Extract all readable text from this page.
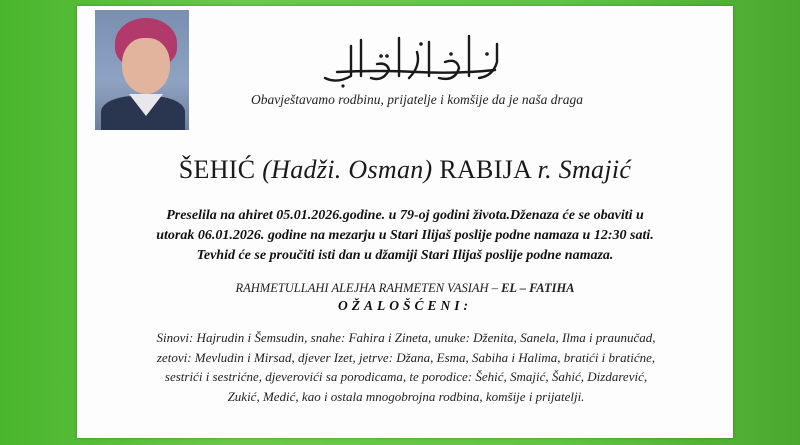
Obavještavamo rodbinu, prijatelje i komšije da je naša draga
ŠEHIĆ (Hadži. Osman) RABIJA r. Smajić
Preselila na ahiret 05.01.2026.godine. u 79-oj godini života.Dženaza će se obaviti u
utorak 06.01.2026. godine na mezarju u Stari Ilijaš poslije podne namaza u 12:30 sati.
Tevhid će se proučiti isti dan u džamiji Stari Ilijaš poslije podne namaza.
RAHMETULLAHI ALEJHA RAHMETEN VASIAH – EL – FATIHA
OŽALOŠĆENI:
Sinovi: Hajrudin i Šemsudin, snahe: Fahira i Zineta, unuke: Dženita, Sanela, Ilma i praunučad,
zetovi: Mevludin i Mirsad, djever Izet, jetrve: Džana, Esma, Sabiha i Halima, bratići i bratićne,
sestrići i sestrićne, djeverovići sa porodicama, te porodice: Šehić, Smajić, Šahić, Dizdarević,
Zukić, Medić, kao i ostala mnogobrojna rodbina, komšije i prijatelji.
